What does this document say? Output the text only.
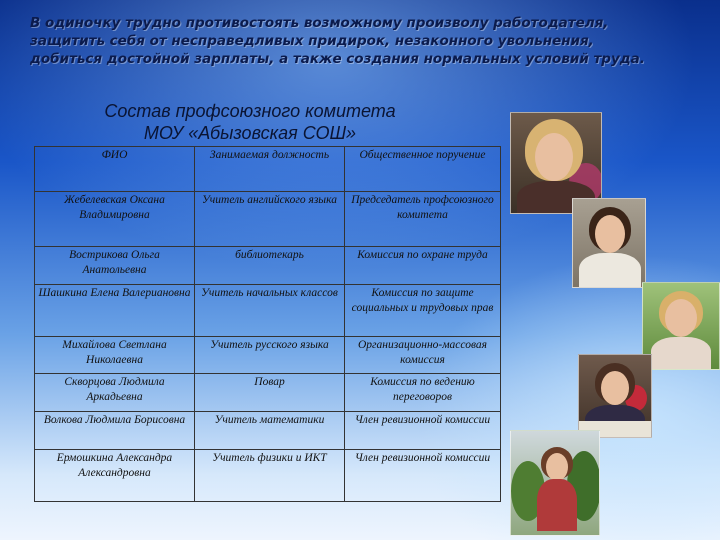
В одиночку трудно противостоять возможному произволу работодателя,
защитить себя от несправедливых придирок, незаконного увольнения,
добиться достойной зарплаты, а также создания нормальных условий труда.
Состав профсоюзного комитета
МОУ «Абызовская СОШ»
ФИО	Занимаемая должность	Общественное поручение
Жебелевская Оксана Владимировна	Учитель английского языка	Председатель профсоюзного комитета
Вострикова Ольга Анатольевна	библиотекарь	Комиссия по охране труда
Шашкина Елена Валериановна	Учитель начальных классов	Комиссия по защите социальных и трудовых прав
Михайлова Светлана Николаевна	Учитель русского языка	Организационно-массовая комиссия
Скворцова Людмила Аркадьевна	Повар	Комиссия по ведению переговоров
Волкова Людмила Борисовна	Учитель математики	Член ревизионной комиссии
Ермошкина Александра Александровна	Учитель физики и ИКТ	Член ревизионной комиссии
